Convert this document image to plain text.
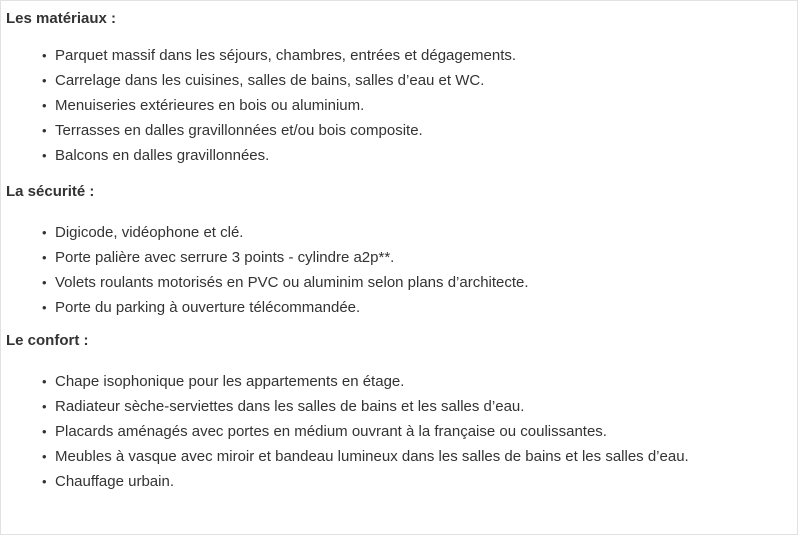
Les matériaux :
• Parquet massif dans les séjours, chambres, entrées et dégagements.
• Carrelage dans les cuisines, salles de bains, salles d’eau et WC.
• Menuiseries extérieures en bois ou aluminium.
• Terrasses en dalles gravillonnées et/ou bois composite.
• Balcons en dalles gravillonnées.
La sécurité :
• Digicode, vidéophone et clé.
• Porte palière avec serrure 3 points - cylindre a2p**.
• Volets roulants motorisés en PVC ou aluminim selon plans d’architecte.
• Porte du parking à ouverture télécommandée.
Le confort :
• Chape isophonique pour les appartements en étage.
• Radiateur sèche-serviettes dans les salles de bains et les salles d’eau.
• Placards aménagés avec portes en médium ouvrant à la française ou coulissantes.
• Meubles à vasque avec miroir et bandeau lumineux dans les salles de bains et les salles d’eau.
• Chauffage urbain.
